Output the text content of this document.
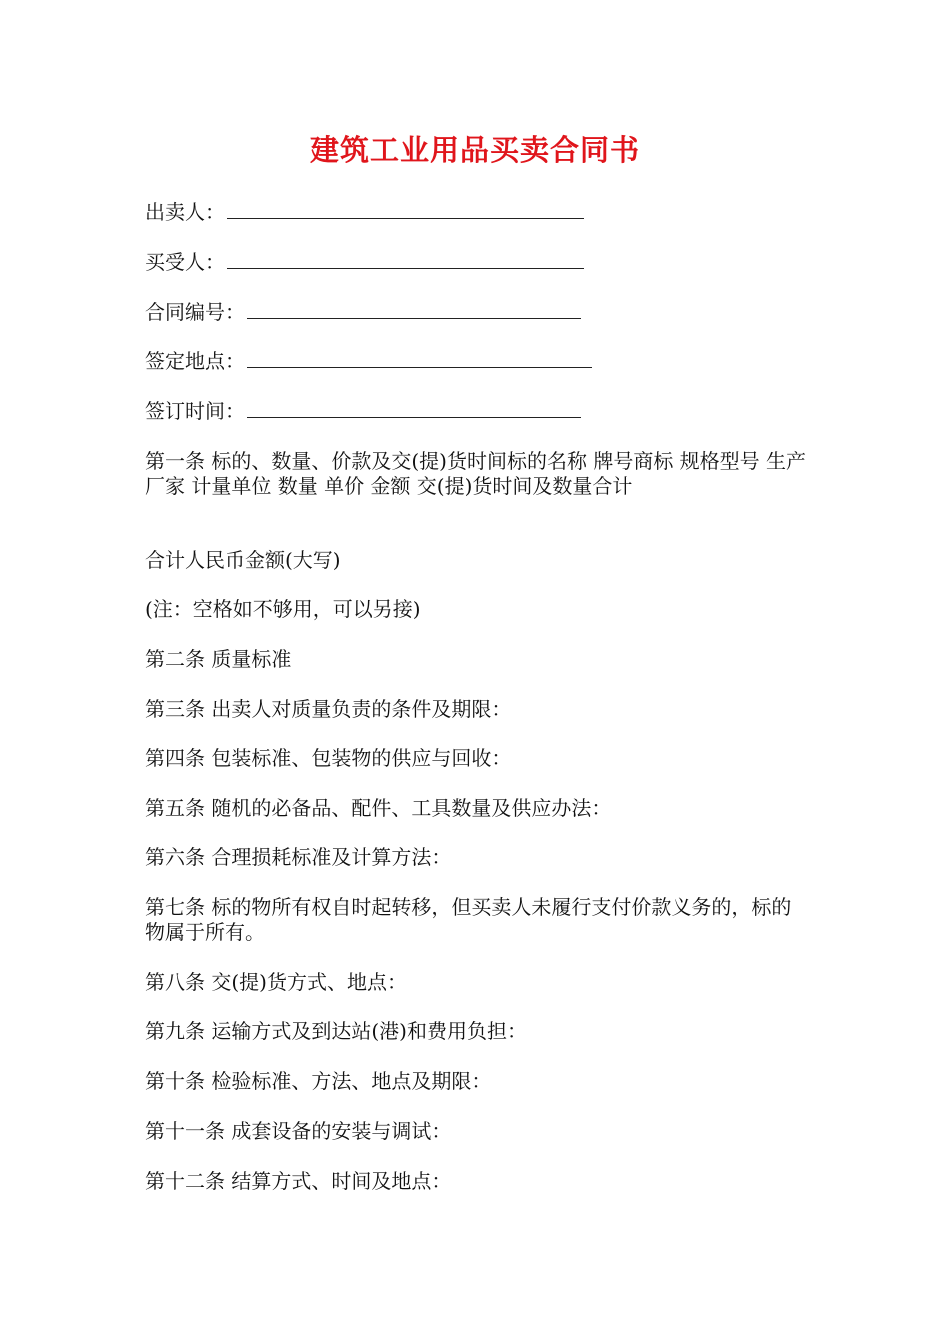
建筑工业用品买卖合同书
出卖人：
买受人：
合同编号：
签定地点：
签订时间：
第一条 标的、数量、价款及交(提)货时间标的名称 牌号商标 规格型号 生产厂家 计量单位 数量 单价 金额 交(提)货时间及数量合计
合计人民币金额(大写)
(注：空格如不够用，可以另接)
第二条 质量标准
第三条 出卖人对质量负责的条件及期限：
第四条 包装标准、包装物的供应与回收：
第五条 随机的必备品、配件、工具数量及供应办法：
第六条 合理损耗标准及计算方法：
第七条 标的物所有权自时起转移，但买卖人未履行支付价款义务的，标的物属于所有。
第八条 交(提)货方式、地点：
第九条 运输方式及到达站(港)和费用负担：
第十条 检验标准、方法、地点及期限：
第十一条 成套设备的安装与调试：
第十二条 结算方式、时间及地点：
